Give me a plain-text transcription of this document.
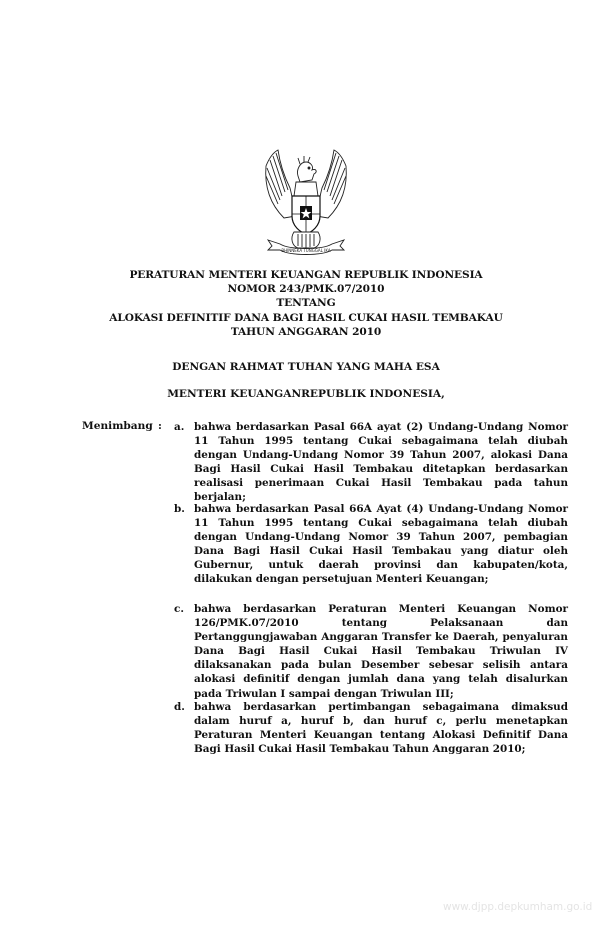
BHINNEKA TUNGGAL IKA
PERATURAN MENTERI KEUANGAN REPUBLIK INDONESIA
NOMOR 243/PMK.07/2010
TENTANG
ALOKASI DEFINITIF DANA BAGI HASIL CUKAI HASIL TEMBAKAU
TAHUN ANGGARAN 2010
DENGAN RAHMAT TUHAN YANG MAHA ESA
MENTERI KEUANGANREPUBLIK INDONESIA,
Menimbang : a. bahwa berdasarkan Pasal 66A ayat (2) Undang-Undang Nomor 11 Tahun 1995 tentang Cukai sebagaimana telah diubah dengan Undang-Undang Nomor 39 Tahun 2007, alokasi Dana Bagi Hasil Cukai Hasil Tembakau ditetapkan berdasarkan realisasi penerimaan Cukai Hasil Tembakau pada tahun berjalan;
b. bahwa berdasarkan Pasal 66A Ayat (4) Undang-Undang Nomor 11 Tahun 1995 tentang Cukai sebagaimana telah diubah dengan Undang-Undang Nomor 39 Tahun 2007, pembagian Dana Bagi Hasil Cukai Hasil Tembakau yang diatur oleh Gubernur, untuk daerah provinsi dan kabupaten/kota, dilakukan dengan persetujuan Menteri Keuangan;
c. bahwa berdasarkan Peraturan Menteri Keuangan Nomor 126/PMK.07/2010 tentang Pelaksanaan dan Pertanggungjawaban Anggaran Transfer ke Daerah, penyaluran Dana Bagi Hasil Cukai Hasil Tembakau Triwulan IV dilaksanakan pada bulan Desember sebesar selisih antara alokasi definitif dengan jumlah dana yang telah disalurkan pada Triwulan I sampai dengan Triwulan III;
d. bahwa berdasarkan pertimbangan sebagaimana dimaksud dalam huruf a, huruf b, dan huruf c, perlu menetapkan Peraturan Menteri Keuangan tentang Alokasi Definitif Dana Bagi Hasil Cukai Hasil Tembakau Tahun Anggaran 2010;
www.djpp.depkumham.go.id
